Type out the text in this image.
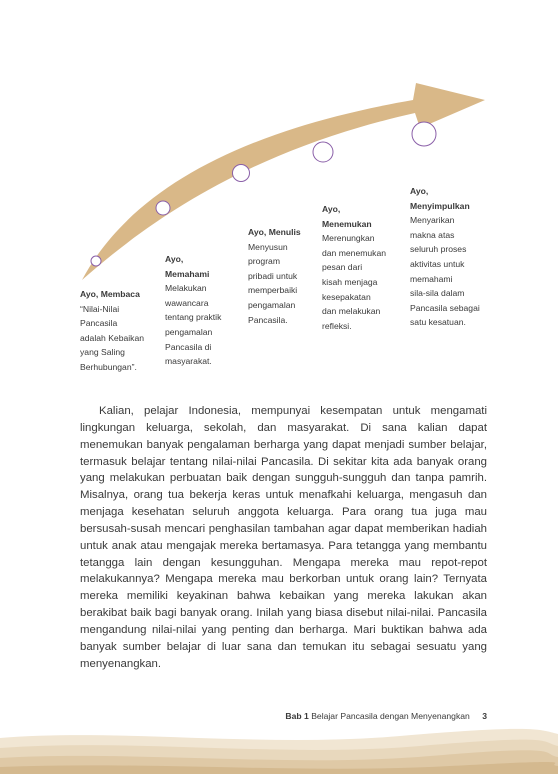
Ayo, Membaca
“Nilai-Nilai
Pancasila
adalah Kebaikan
yang Saling
Berhubungan”.
Ayo,
Memahami
Melakukan
wawancara
tentang praktik
pengamalan
Pancasila di
masyarakat.
Ayo, Menulis
Menyusun
program
pribadi untuk
memperbaiki
pengamalan
Pancasila.
Ayo,
Menemukan
Merenungkan
dan menemukan
pesan dari
kisah menjaga
kesepakatan
dan melakukan
refleksi.
Ayo,
Menyimpulkan
Menyarikan
makna atas
seluruh proses
aktivitas untuk
memahami
sila-sila dalam
Pancasila sebagai
satu kesatuan.

Kalian, pelajar Indonesia, mempunyai kesempatan untuk mengamati lingkungan keluarga, sekolah, dan masyarakat. Di sana kalian dapat menemukan banyak pengalaman berharga yang dapat menjadi sumber belajar, termasuk belajar tentang nilai-nilai Pancasila. Di sekitar kita ada banyak orang yang melakukan perbuatan baik dengan sungguh-sungguh dan tanpa pamrih. Misalnya, orang tua bekerja keras untuk menafkahi keluarga, mengasuh dan menjaga kesehatan seluruh anggota keluarga. Para orang tua juga mau bersusah-susah mencari penghasilan tambahan agar dapat memberikan hadiah untuk anak atau mengajak mereka bertamasya. Para tetangga yang membantu tetangga lain dengan kesungguhan. Mengapa mereka mau repot-repot melakukannya? Mengapa mereka mau berkorban untuk orang lain? Ternyata mereka memiliki keyakinan bahwa kebaikan yang mereka lakukan akan berakibat baik bagi banyak orang. Inilah yang biasa disebut nilai-nilai. Pancasila mengandung nilai-nilai yang penting dan berharga. Mari buktikan bahwa ada banyak sumber belajar di luar sana dan temukan itu sebagai sesuatu yang menyenangkan.

Bab 1 Belajar Pancasila dengan Menyenangkan 3
